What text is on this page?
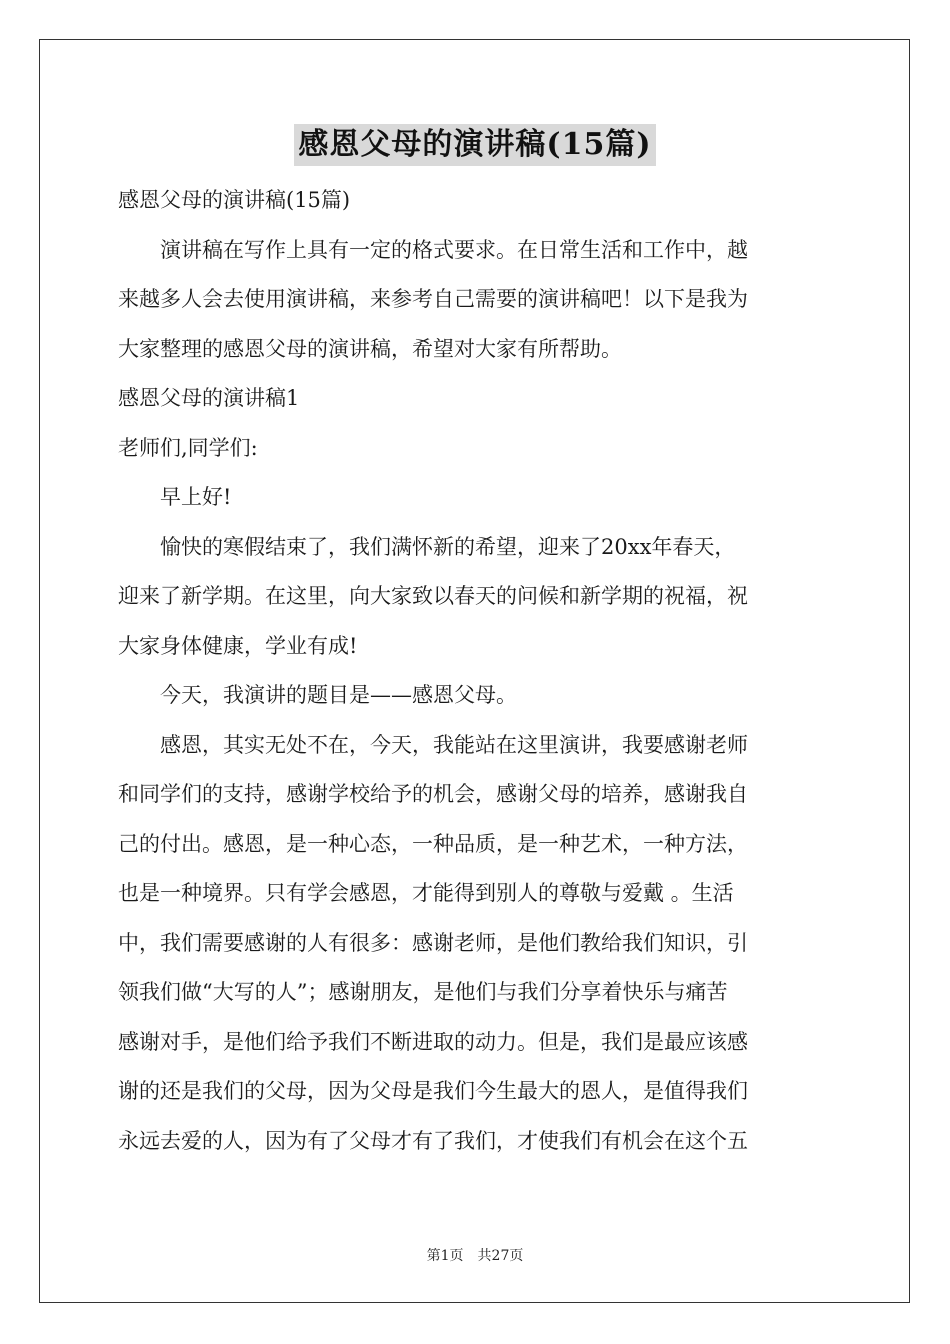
感恩父母的演讲稿(15篇)
感恩父母的演讲稿(15篇)
　　演讲稿在写作上具有一定的格式要求。在日常生活和工作中，越
来越多人会去使用演讲稿，来参考自己需要的演讲稿吧！以下是我为
大家整理的感恩父母的演讲稿，希望对大家有所帮助。
感恩父母的演讲稿1
老师们,同学们:
　　早上好!
　　愉快的寒假结束了，我们满怀新的希望，迎来了20xx年春天，
迎来了新学期。在这里，向大家致以春天的问候和新学期的祝福，祝
大家身体健康，学业有成!
　　今天，我演讲的题目是——感恩父母。
　　感恩，其实无处不在，今天，我能站在这里演讲，我要感谢老师
和同学们的支持，感谢学校给予的机会，感谢父母的培养，感谢我自
己的付出。感恩，是一种心态，一种品质，是一种艺术，一种方法，
也是一种境界。只有学会感恩，才能得到别人的尊敬与爱戴 。生活
中，我们需要感谢的人有很多：感谢老师，是他们教给我们知识，引
领我们做“大写的人”；感谢朋友，是他们与我们分享着快乐与痛苦
感谢对手，是他们给予我们不断进取的动力。但是，我们是最应该感
谢的还是我们的父母，因为父母是我们今生最大的恩人，是值得我们
永远去爱的人，因为有了父母才有了我们，才使我们有机会在这个五
第1页　共27页
